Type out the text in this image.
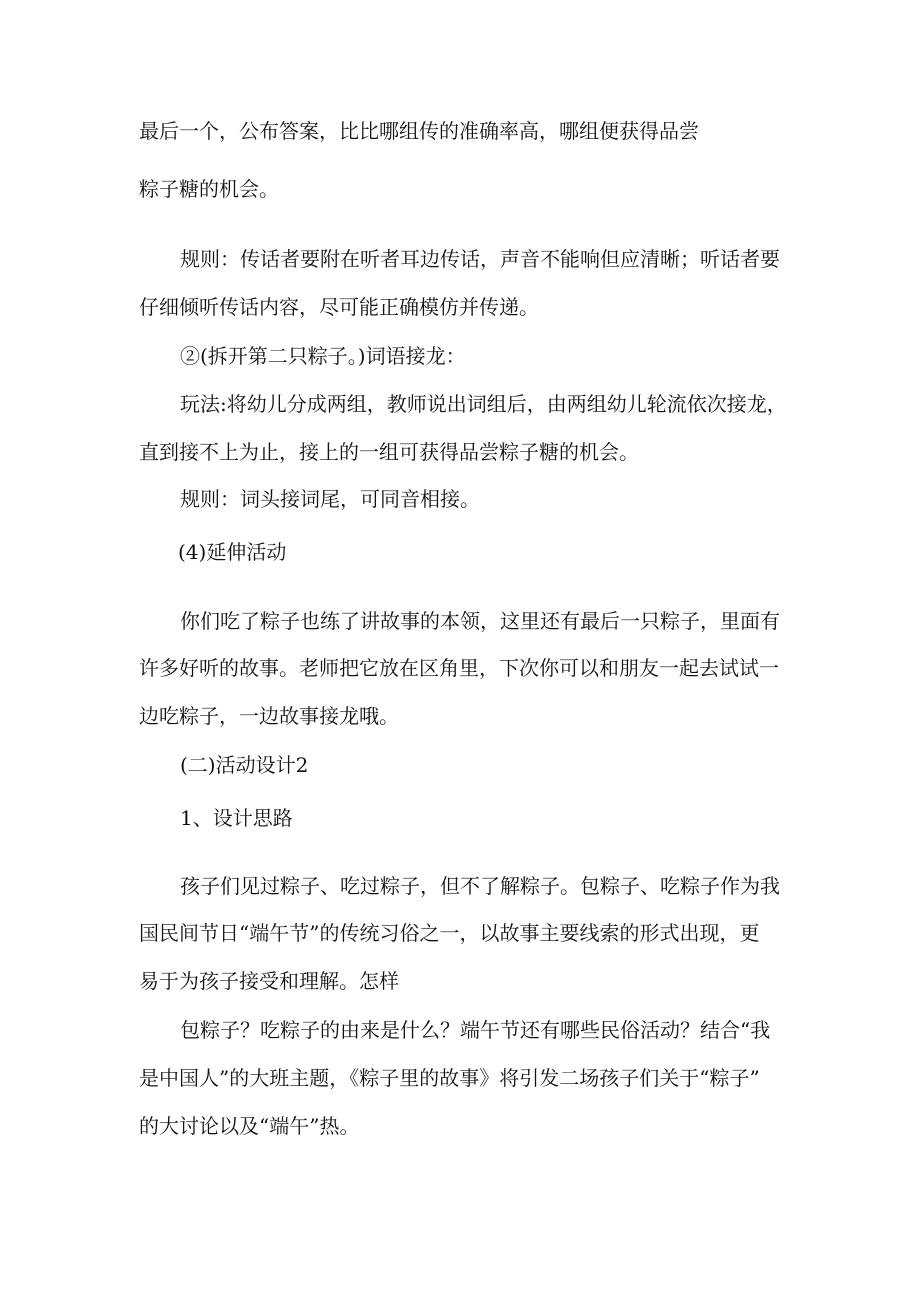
最后一个，公布答案，比比哪组传的准确率高，哪组便获得品尝

粽子糖的机会。

规则：传话者要附在听者耳边传话，声音不能响但应清晰；听话者要

仔细倾听传话内容，尽可能正确模仿并传递。

②(拆开第二只粽子。)词语接龙：

玩法:将幼儿分成两组，教师说出词组后，由两组幼儿轮流依次接龙，

直到接不上为止，接上的一组可获得品尝粽子糖的机会。

规则：词头接词尾，可同音相接。

(4)延伸活动

你们吃了粽子也练了讲故事的本领，这里还有最后一只粽子，里面有

许多好听的故事。老师把它放在区角里，下次你可以和朋友一起去试试一

边吃粽子，一边故事接龙哦。

(二)活动设计2

1、设计思路

孩子们见过粽子、吃过粽子，但不了解粽子。包粽子、吃粽子作为我

国民间节日“端午节”的传统习俗之一，以故事主要线索的形式出现，更

易于为孩子接受和理解。怎样

包粽子？吃粽子的由来是什么？端午节还有哪些民俗活动？结合“我

是中国人”的大班主题，《粽子里的故事》将引发二场孩子们关于“粽子”

的大讨论以及“端午”热。
